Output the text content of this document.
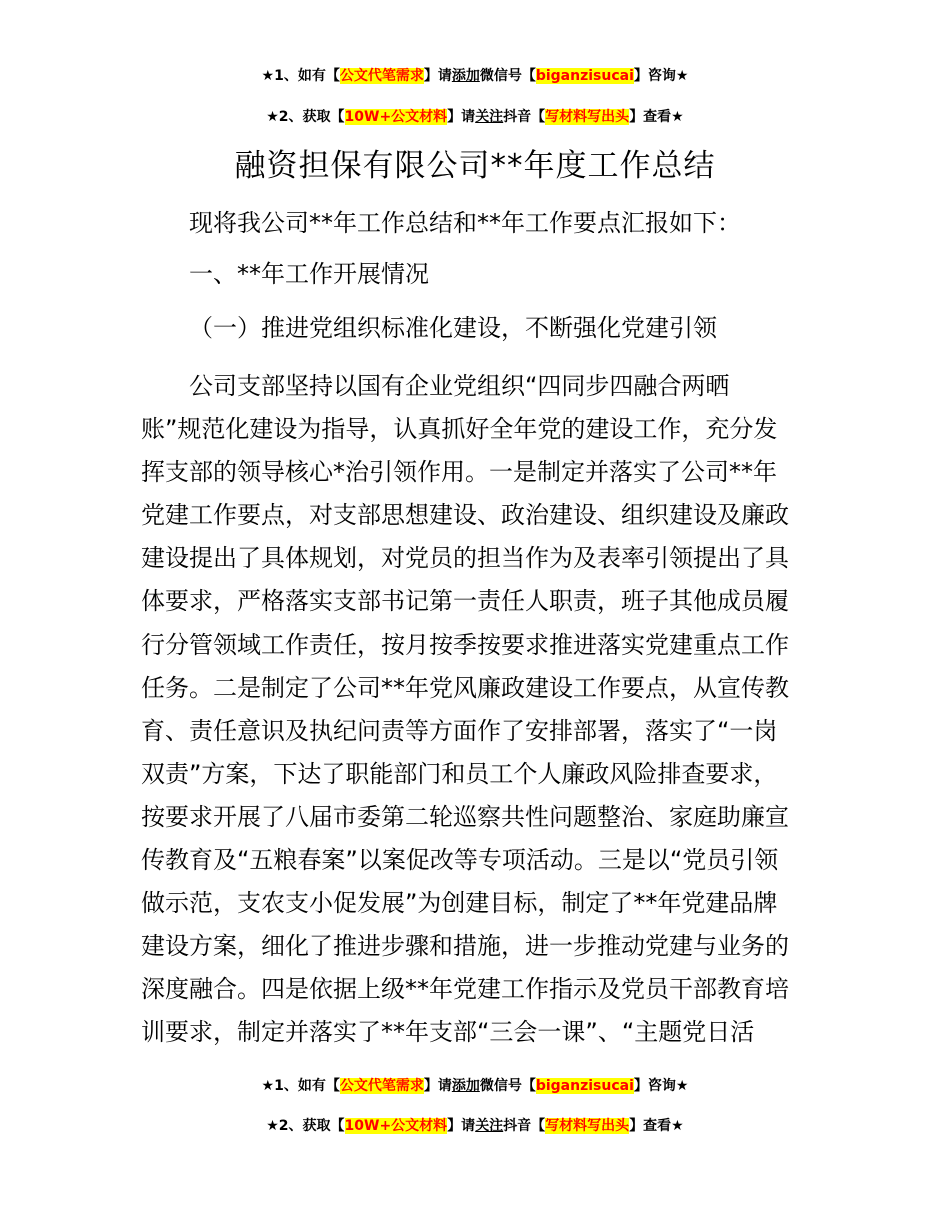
★1、如有【公文代笔需求】请添加微信号【biganzisucai】咨询★
★2、获取【10W+公文材料】请关注抖音【写材料写出头】查看★
融资担保有限公司**年度工作总结
现将我公司**年工作总结和**年工作要点汇报如下：
一、**年工作开展情况
（一）推进党组织标准化建设，不断强化党建引领
公司支部坚持以国有企业党组织“四同步四融合两晒
账”规范化建设为指导，认真抓好全年党的建设工作，充分发
挥支部的领导核心*治引领作用。一是制定并落实了公司**年
党建工作要点，对支部思想建设、政治建设、组织建设及廉政
建设提出了具体规划，对党员的担当作为及表率引领提出了具
体要求，严格落实支部书记第一责任人职责，班子其他成员履
行分管领域工作责任，按月按季按要求推进落实党建重点工作
任务。二是制定了公司**年党风廉政建设工作要点，从宣传教
育、责任意识及执纪问责等方面作了安排部署，落实了“一岗
双责”方案，下达了职能部门和员工个人廉政风险排查要求，
按要求开展了八届市委第二轮巡察共性问题整治、家庭助廉宣
传教育及“五粮春案”以案促改等专项活动。三是以“党员引领
做示范，支农支小促发展”为创建目标，制定了**年党建品牌
建设方案，细化了推进步骤和措施，进一步推动党建与业务的
深度融合。四是依据上级**年党建工作指示及党员干部教育培
训要求，制定并落实了**年支部“三会一课”、“主题党日活
★1、如有【公文代笔需求】请添加微信号【biganzisucai】咨询★
★2、获取【10W+公文材料】请关注抖音【写材料写出头】查看★
